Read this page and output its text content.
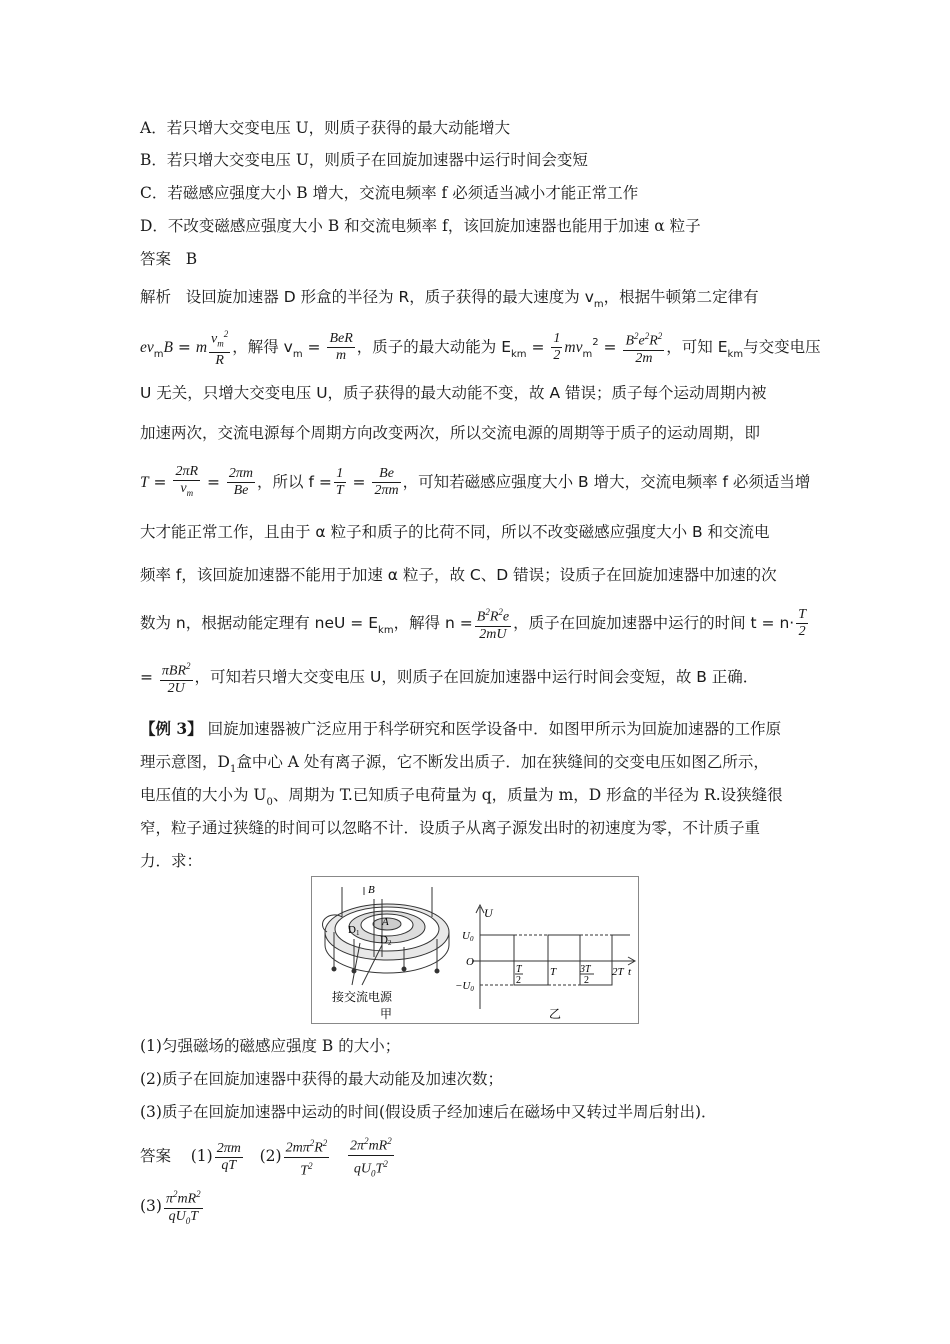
A．若只增大交变电压 U，则质子获得的最大动能增大
B．若只增大交变电压 U，则质子在回旋加速器中运行时间会变短
C．若磁感应强度大小 B 增大，交流电频率 f 必须适当减小才能正常工作
D．不改变磁感应强度大小 B 和交流电频率 f，该回旋加速器也能用于加速 α 粒子
答案 B
解析 设回旋加速器 D 形盒的半径为 R，质子获得的最大速度为 $v_m$，根据牛顿第二定律有
$ev_mB = m \frac{v_m^2}{R}$ ，解得 $v_m = \frac{\text{BeR}}{m}$ ，质子的最大动能为 $E_{km} = \frac{1}{2} mv_m^2 = \frac{B^2e^2R^2}{2m}$ ，可知 $E_{km}$与交变电压
U 无关，只增大交变电压 U，质子获得的最大动能不变，故 A 错误；质子每个运动周期内被
加速两次，交流电源每个周期方向改变两次，所以交流电源的周期等于质子的运动周期，即
$T = \frac{2\pi R}{v_m} = \frac{2\pi m}{Be}$ ，所以 $f = \frac{1}{T} = \frac{Be}{2\pi m}$ ，可知若磁感应强度大小 B 增大，交流电频率 f 必须适当增
大才能正常工作，且由于 α 粒子和质子的比荷不同，所以不改变磁感应强度大小 B 和交流电
频率 f，该回旋加速器不能用于加速 α 粒子，故 C、D 错误；设质子在回旋加速器中加速的次
数为 n，根据动能定理有 neU = $E_{km}$，解得 $n = \frac{B^2R^2e}{2mU}$ ，质子在回旋加速器中运行的时间 $t = n\cdot \frac{T}{2}$
= $\frac{\pi BR^2}{2U}$ ，可知若只增大交变电压 U，则质子在回旋加速器中运行时间会变短，故 B 正确．
【例 3】 回旋加速器被广泛应用于科学研究和医学设备中．如图甲所示为回旋加速器的工作原
理示意图，$D_1$盒中心 A 处有离子源，它不断发出质子．加在狭缝间的交变电压如图乙所示，
电压值的大小为 $U_0$、周期为 T.已知质子电荷量为 q，质量为 m，D 形盒的半径为 R.设狭缝很
窄，粒子通过狭缝的时间可以忽略不计．设质子从离子源发出时的初速度为零，不计质子重
力．求：
B
A
D1
D2
接交流电源
甲
U
U0
O
−U0
T
2
T 3T
2
2T t
乙
(1)匀强磁场的磁感应强度 B 的大小；
(2)质子在回旋加速器中获得的最大动能及加速次数；
(3)质子在回旋加速器中运动的时间(假设质子经加速后在磁场中又转过半周后射出)．
答案 $(1) \frac{2\pi m}{qT} (2) \frac{2m\pi^2R^2}{T^2}$
$\frac{2\pi^2mR^2}{qU_0T^2}$
$(3) \frac{\pi^2mR^2}{qU_0T}$
